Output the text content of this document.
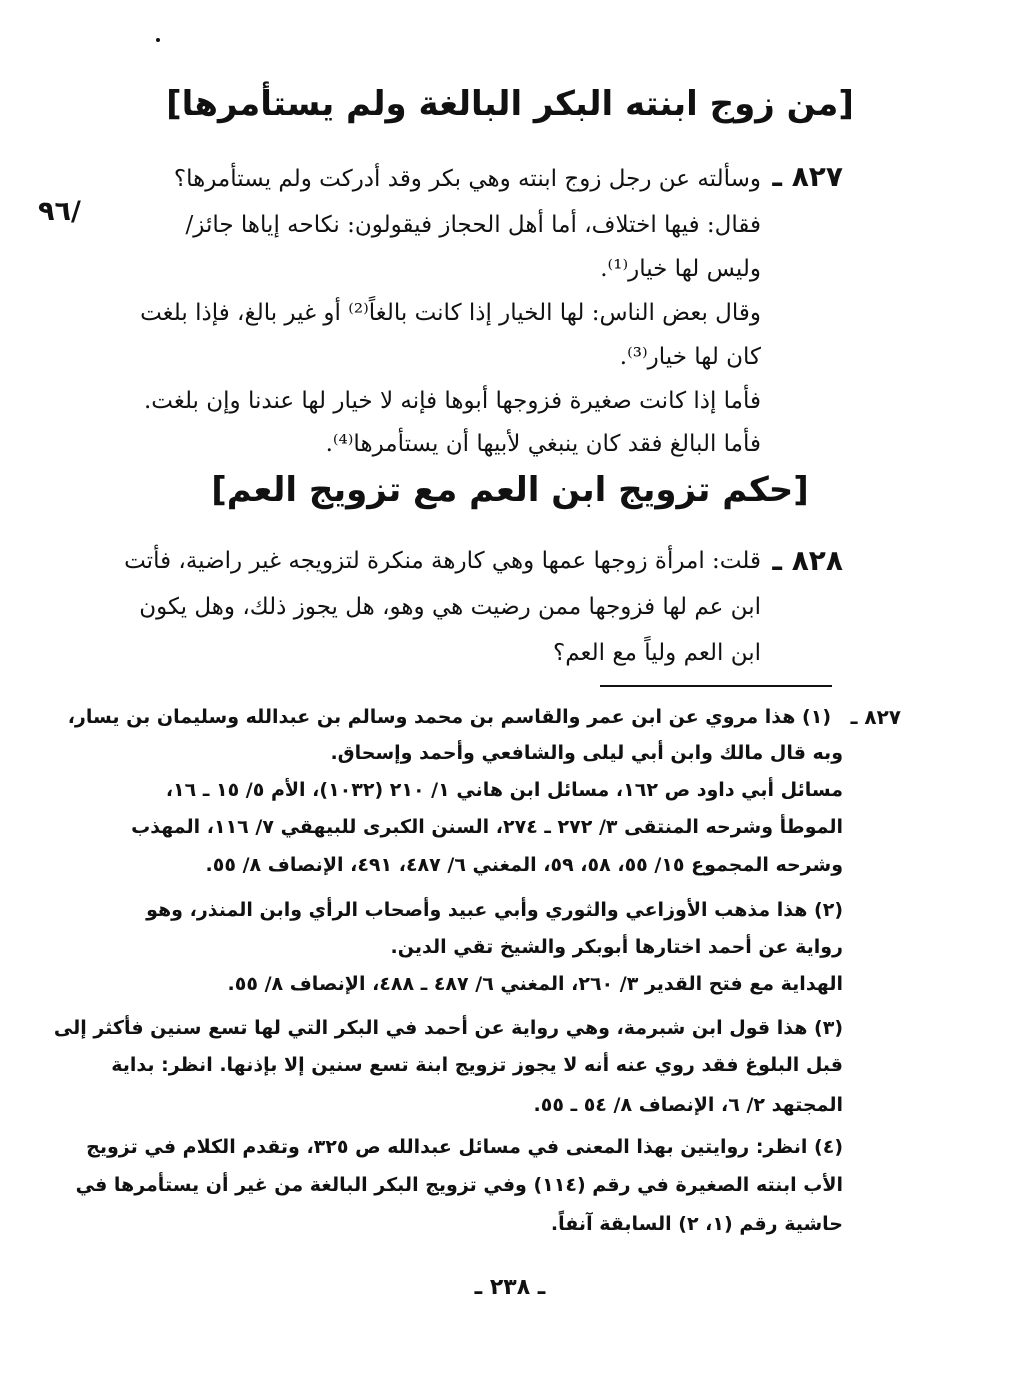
[من زوج ابنته البكر البالغة ولم يستأمرها]
٩٦/
٨٢٧ ـ
وسألته عن رجل زوج ابنته وهي بكر وقد أدركت ولم يستأمرها؟
فقال: فيها اختلاف، أما أهل الحجاز فيقولون: نكاحه إياها جائز/
وليس لها خيار⁽¹⁾.
وقال بعض الناس: لها الخيار إذا كانت بالغاً⁽²⁾ أو غير بالغ، فإذا بلغت
كان لها خيار⁽³⁾.
فأما إذا كانت صغيرة فزوجها أبوها فإنه لا خيار لها عندنا وإن بلغت.
فأما البالغ فقد كان ينبغي لأبيها أن يستأمرها⁽⁴⁾.
[حكم تزويج ابن العم مع تزويج العم]
٨٢٨ ـ
قلت: امرأة زوجها عمها وهي كارهة منكرة لتزويجه غير راضية، فأتت
ابن عم لها فزوجها ممن رضيت هي وهو، هل يجوز ذلك، وهل يكون
ابن العم ولياً مع العم؟
٨٢٧ ـ
(١) هذا مروي عن ابن عمر والقاسم بن محمد وسالم بن عبدالله وسليمان بن يسار،
وبه قال مالك وابن أبي ليلى والشافعي وأحمد وإسحاق.
مسائل أبي داود ص ١٦٢، مسائل ابن هاني ١/ ٢١٠ (١٠٣٢)، الأم ٥/ ١٥ ـ ١٦،
الموطأ وشرحه المنتقى ٣/ ٢٧٢ ـ ٢٧٤، السنن الكبرى للبيهقي ٧/ ١١٦، المهذب
وشرحه المجموع ١٥/ ٥٥، ٥٨، ٥٩، المغني ٦/ ٤٨٧، ٤٩١، الإنصاف ٨/ ٥٥.
(٢) هذا مذهب الأوزاعي والثوري وأبي عبيد وأصحاب الرأي وابن المنذر، وهو
رواية عن أحمد اختارها أبوبكر والشيخ تقي الدين.
الهداية مع فتح القدير ٣/ ٢٦٠، المغني ٦/ ٤٨٧ ـ ٤٨٨، الإنصاف ٨/ ٥٥.
(٣) هذا قول ابن شبرمة، وهي رواية عن أحمد في البكر التي لها تسع سنين فأكثر إلى
قبل البلوغ فقد روي عنه أنه لا يجوز تزويج ابنة تسع سنين إلا بإذنها. انظر: بداية
المجتهد ٢/ ٦، الإنصاف ٨/ ٥٤ ـ ٥٥.
(٤) انظر: روايتين بهذا المعنى في مسائل عبدالله ص ٣٢٥، وتقدم الكلام في تزويج
الأب ابنته الصغيرة في رقم (١١٤) وفي تزويج البكر البالغة من غير أن يستأمرها في
حاشية رقم (١، ٢) السابقة آنفاً.
ـ ٢٣٨ ـ
